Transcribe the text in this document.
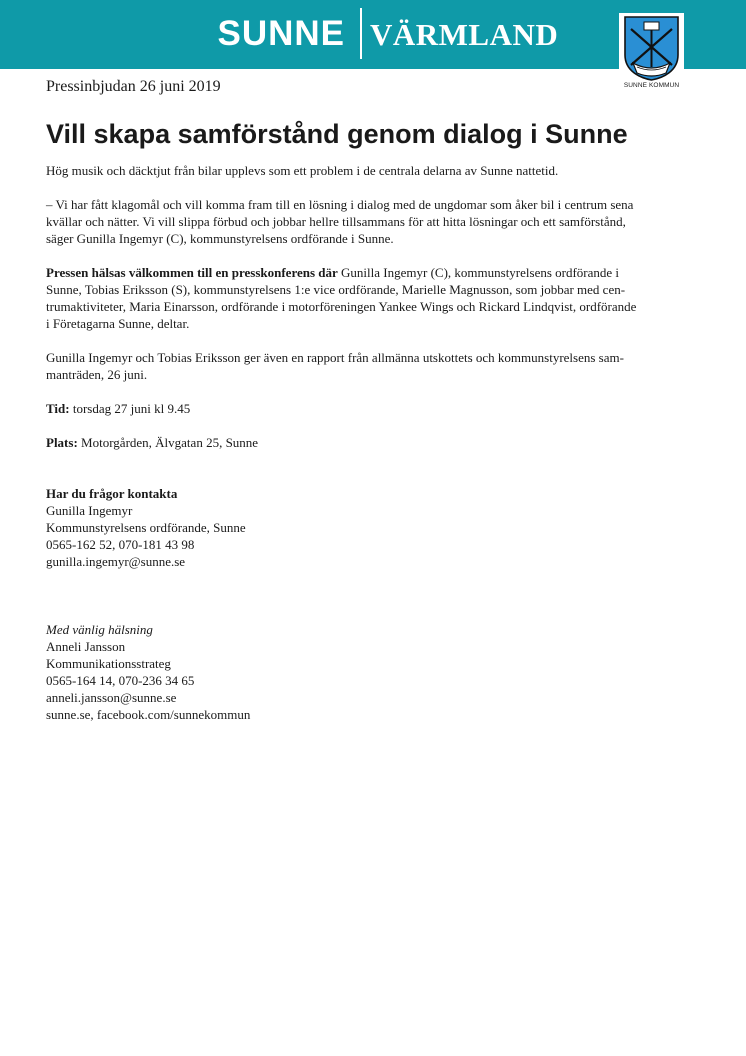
SUNNE VÄRMLAND
SUNNE KOMMUN
Pressinbjudan 26 juni 2019
Vill skapa samförstånd genom dialog i Sunne

Hög musik och däcktjut från bilar upplevs som ett problem i de centrala delarna av Sunne nattetid.

– Vi har fått klagomål och vill komma fram till en lösning i dialog med de ungdomar som åker bil i centrum sena
kvällar och nätter. Vi vill slippa förbud och jobbar hellre tillsammans för att hitta lösningar och ett samförstånd,
säger Gunilla Ingemyr (C), kommunstyrelsens ordförande i Sunne.

Pressen hälsas välkommen till en presskonferens där Gunilla Ingemyr (C), kommunstyrelsens ordförande i
Sunne, Tobias Eriksson (S), kommunstyrelsens 1:e vice ordförande, Marielle Magnusson, som jobbar med cen-
trumaktiviteter, Maria Einarsson, ordförande i motorföreningen Yankee Wings och Rickard Lindqvist, ordförande
i Företagarna Sunne, deltar.

Gunilla Ingemyr och Tobias Eriksson ger även en rapport från allmänna utskottets och kommunstyrelsens sam-
manträden, 26 juni.

Tid: torsdag 27 juni kl 9.45

Plats: Motorgården, Älvgatan 25, Sunne

Har du frågor kontakta
Gunilla Ingemyr
Kommunstyrelsens ordförande, Sunne
0565-162 52, 070-181 43 98
gunilla.ingemyr@sunne.se
Med vänlig hälsning
Anneli Jansson
Kommunikationsstrateg
0565-164 14, 070-236 34 65
anneli.jansson@sunne.se
sunne.se, facebook.com/sunnekommun
